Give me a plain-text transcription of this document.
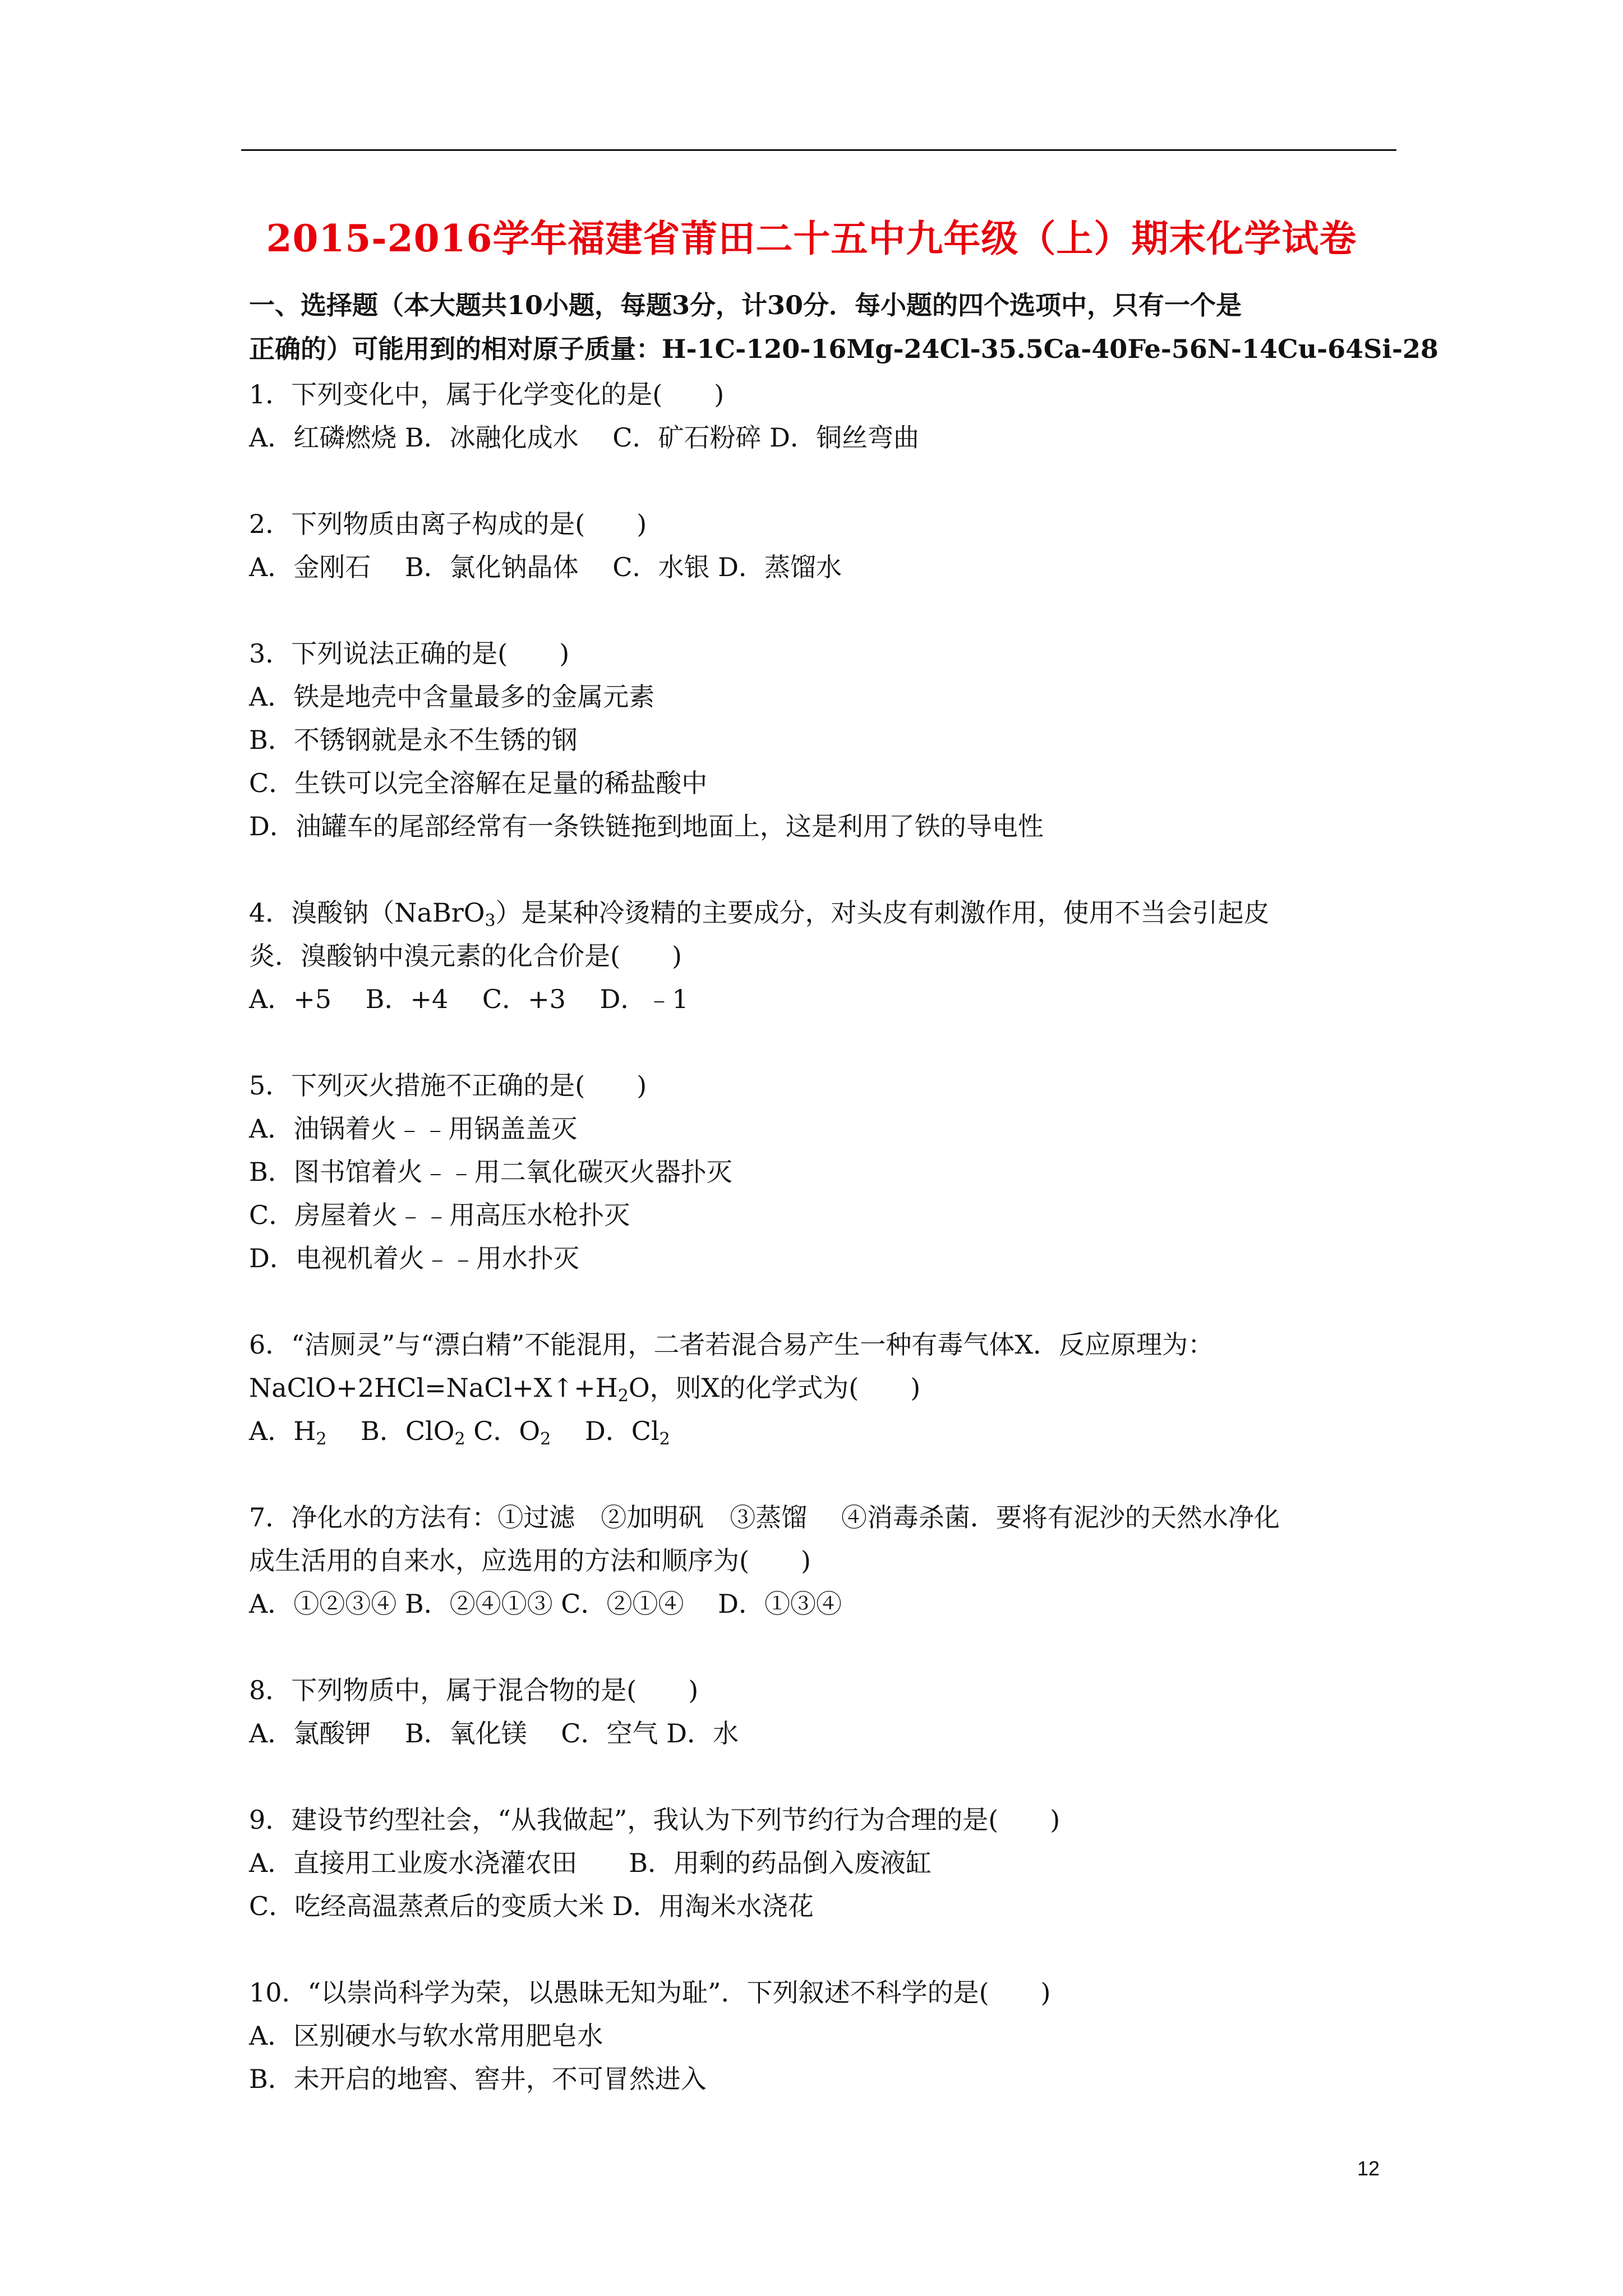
2015-2016学年福建省莆田二十五中九年级（上）期末化学试卷
一、选择题（本大题共10小题，每题3分，计30分．每小题的四个选项中，只有一个是
正确的）可能用到的相对原子质量：H-1C-120-16Mg-24Cl-35.5Ca-40Fe-56N-14Cu-64Si-28
1．下列变化中，属于化学变化的是(　　)
A．红磷燃烧 B．冰融化成水　 C．矿石粉碎 D．铜丝弯曲
2．下列物质由离子构成的是(　　)
A．金刚石　 B．氯化钠晶体　 C．水银 D．蒸馏水
3．下列说法正确的是(　　)
A．铁是地壳中含量最多的金属元素
B．不锈钢就是永不生锈的钢
C．生铁可以完全溶解在足量的稀盐酸中
D．油罐车的尾部经常有一条铁链拖到地面上，这是利用了铁的导电性
4．溴酸钠（NaBrO$_3$）是某种冷烫精的主要成分，对头皮有刺激作用，使用不当会引起皮
炎．溴酸钠中溴元素的化合价是(　　)
A．+5　 B．+4　 C．+3　 D．﹣1
5．下列灭火措施不正确的是(　　)
A．油锅着火﹣﹣用锅盖盖灭
B．图书馆着火﹣﹣用二氧化碳灭火器扑灭
C．房屋着火﹣﹣用高压水枪扑灭
D．电视机着火﹣﹣用水扑灭
6．“洁厕灵”与“漂白精”不能混用，二者若混合易产生一种有毒气体X．反应原理为：
$NaClO+2HCl=NaCl+X↑+H_2O$，则X的化学式为(　　)
A．$H_2$　 B．ClO$_2$ C．$O_2$　 D．$Cl_2$
7．净化水的方法有：①过滤　②加明矾　③蒸馏　 ④消毒杀菌．要将有泥沙的天然水净化
成生活用的自来水，应选用的方法和顺序为(　　)
A．①②③④ B．②④①③ C．②①④　 D．①③④
8．下列物质中，属于混合物的是(　　)
A．氯酸钾　 B．氧化镁　 C．空气 D．水
9．建设节约型社会，“从我做起”，我认为下列节约行为合理的是(　　)
A．直接用工业废水浇灌农田　　B．用剩的药品倒入废液缸
C．吃经高温蒸煮后的变质大米 D．用淘米水浇花
10．“以崇尚科学为荣，以愚昧无知为耻”．下列叙述不科学的是(　　)
A．区别硬水与软水常用肥皂水
B．未开启的地窖、窖井，不可冒然进入
12
